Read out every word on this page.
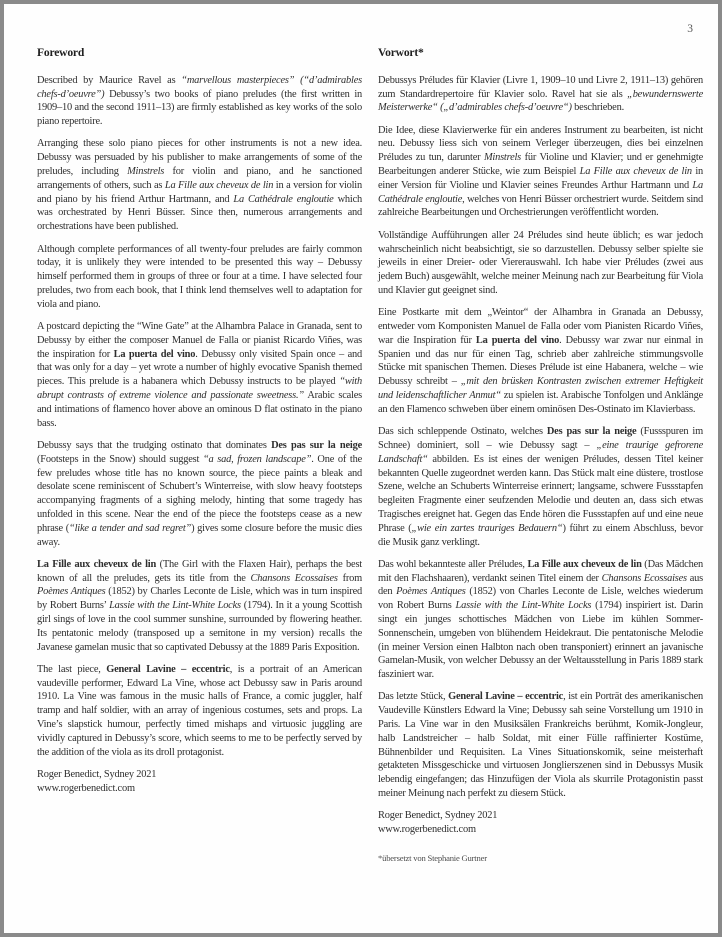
3
Foreword

Described by Maurice Ravel as “marvellous masterpieces” (“d’admirables chefs-d’oeuvre”) Debussy’s two books of piano preludes (the first written in 1909–10 and the second 1911–13) are firmly established as key works of the solo piano repertoire.

Arranging these solo piano pieces for other instruments is not a new idea. Debussy was persuaded by his publisher to make arrangements of some of the preludes, including Minstrels for violin and piano, and he sanctioned arrangements of others, such as La Fille aux cheveux de lin in a version for violin and piano by his friend Arthur Hartmann, and La Cathédrale engloutie which was orchestrated by Henri Büsser. Since then, numerous arrangements and orchestrations have been published.

Although complete performances of all twenty-four preludes are fairly common today, it is unlikely they were intended to be presented this way – Debussy himself performed them in groups of three or four at a time. I have selected four preludes, two from each book, that I think lend themselves well to adaptation for viola and piano.

A postcard depicting the “Wine Gate” at the Alhambra Palace in Granada, sent to Debussy by either the composer Manuel de Falla or pianist Ricardo Viñes, was the inspiration for La puerta del vino. Debussy only visited Spain once – and that was only for a day – yet wrote a number of highly evocative Spanish themed pieces. This prelude is a habanera which Debussy instructs to be played “with abrupt contrasts of extreme violence and passionate sweetness.” Arabic scales and intimations of flamenco hover above an ominous D flat ostinato in the piano bass.

Debussy says that the trudging ostinato that dominates Des pas sur la neige (Footsteps in the Snow) should suggest “a sad, frozen landscape”. One of the few preludes whose title has no known source, the piece paints a bleak and desolate scene reminiscent of Schubert’s Winterreise, with slow heavy footsteps accompanying fragments of a sighing melody, hinting that some tragedy has unfolded in this scene. Near the end of the piece the footsteps cease as a new phrase (“like a tender and sad regret”) gives some closure before the music dies away.

La Fille aux cheveux de lin (The Girl with the Flaxen Hair), perhaps the best known of all the preludes, gets its title from the Chansons Ecossaises from Poèmes Antiques (1852) by Charles Leconte de Lisle, which was in turn inspired by Robert Burns’ Lassie with the Lint-White Locks (1794). In it a young Scottish girl sings of love in the cool summer sunshine, surrounded by flowering heather. Its pentatonic melody (transposed up a semitone in my version) recalls the Javanese gamelan music that so captivated Debussy at the 1889 Paris Exposition.

The last piece, General Lavine – eccentric, is a portrait of an American vaudeville performer, Edward La Vine, whose act Debussy saw in Paris around 1910. La Vine was famous in the music halls of France, a comic juggler, half tramp and half soldier, with an array of ingenious costumes, sets and props. La Vine’s slapstick humour, perfectly timed mishaps and virtuosic juggling are vividly captured in Debussy’s score, which seems to me to be perfectly served by the addition of the viola as its droll protagonist.

Roger Benedict, Sydney 2021
www.rogerbenedict.com
Vorwort*

Debussys Préludes für Klavier (Livre 1, 1909–10 und Livre 2, 1911–13) gehören zum Standardrepertoire für Klavier solo. Ravel hat sie als „bewundernswerte Meisterwerke“ („d’admirables chefs-d’oeuvre“) beschrieben.

Die Idee, diese Klavierwerke für ein anderes Instrument zu bearbeiten, ist nicht neu. Debussy liess sich von seinem Verleger überzeugen, dies bei einzelnen Préludes zu tun, darunter Minstrels für Violine und Klavier; und er genehmigte Bearbeitungen anderer Stücke, wie zum Beispiel La Fille aux cheveux de lin in einer Version für Violine und Klavier seines Freundes Arthur Hartmann und La Cathédrale engloutie, welches von Henri Büsser orchestriert wurde. Seitdem sind zahlreiche Bearbeitungen und Orchestrierungen veröffentlicht worden.

Vollständige Aufführungen aller 24 Préludes sind heute üblich; es war jedoch wahrscheinlich nicht beabsichtigt, sie so darzustellen. Debussy selber spielte sie jeweils in einer Dreier- oder Viererauswahl. Ich habe vier Préludes (zwei aus jedem Buch) ausgewählt, welche meiner Meinung nach zur Bearbeitung für Viola und Klavier gut geeignet sind.

Eine Postkarte mit dem „Weintor“ der Alhambra in Granada an Debussy, entweder vom Komponisten Manuel de Falla oder vom Pianisten Ricardo Viñes, war die Inspiration für La puerta del vino. Debussy war zwar nur einmal in Spanien und das nur für einen Tag, schrieb aber zahlreiche stimmungsvolle Stücke mit spanischen Themen. Dieses Prélude ist eine Habanera, welche – wie Debussy schreibt – „mit den brüsken Kontrasten zwischen extremer Heftigkeit und leidenschaftlicher Anmut“ zu spielen ist. Arabische Tonfolgen und Anklänge an den Flamenco schweben über einem ominösen Des-Ostinato im Klavierbass.

Das sich schleppende Ostinato, welches Des pas sur la neige (Fussspuren im Schnee) dominiert, soll – wie Debussy sagt – „eine traurige gefrorene Landschaft“ abbilden. Es ist eines der wenigen Préludes, dessen Titel keiner bekannten Quelle zugeordnet werden kann. Das Stück malt eine düstere, trostlose Szene, welche an Schuberts Winterreise erinnert; langsame, schwere Fussstapfen begleiten Fragmente einer seufzenden Melodie und deuten an, dass sich etwas Tragisches ereignet hat. Gegen das Ende hören die Fussstapfen auf und eine neue Phrase („wie ein zartes trauriges Bedauern“) führt zu einem Abschluss, bevor die Musik ganz verklingt.

Das wohl bekannteste aller Préludes, La Fille aux cheveux de lin (Das Mädchen mit den Flachshaaren), verdankt seinen Titel einem der Chansons Ecossaises aus den Poèmes Antiques (1852) von Charles Leconte de Lisle, welches wiederum von Robert Burns Lassie with the Lint-White Locks (1794) inspiriert ist. Darin singt ein junges schottisches Mädchen von Liebe im kühlen Sommer-Sonnenschein, umgeben von blühendem Heidekraut. Die pentatonische Melodie (in meiner Version einen Halbton nach oben transponiert) erinnert an javanische Gamelan-Musik, von welcher Debussy an der Weltausstellung in Paris 1889 stark fasziniert war.

Das letzte Stück, General Lavine – eccentric, ist ein Porträt des amerikanischen Vaudeville Künstlers Edward la Vine; Debussy sah seine Vorstellung um 1910 in Paris. La Vine war in den Musiksälen Frankreichs berühmt, Komik-Jongleur, halb Landstreicher – halb Soldat, mit einer Fülle raffinierter Kostüme, Bühnenbilder und Requisiten. La Vines Situationskomik, seine meisterhaft getakteten Missgeschicke und virtuosen Jonglierszenen sind in Debussys Musik lebendig eingefangen; das Hinzufügen der Viola als skurrile Protagonistin passt meiner Meinung nach perfekt zu diesem Stück.

Roger Benedict, Sydney 2021
www.rogerbenedict.com
*übersetzt von Stephanie Gurtner
